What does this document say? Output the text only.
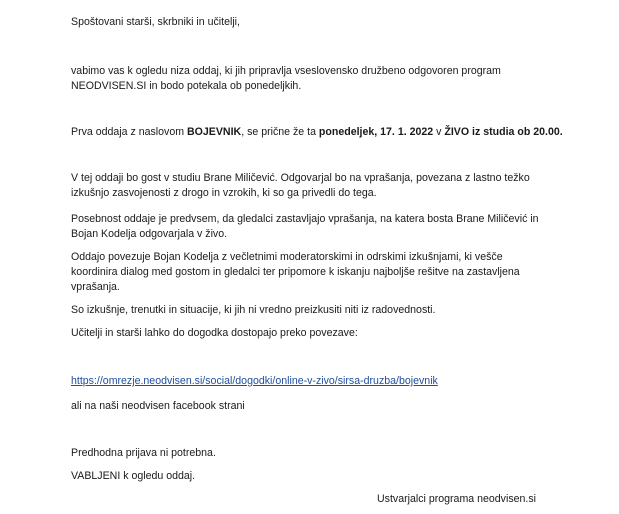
Spoštovani starši, skrbniki in učitelji,
vabimo vas k ogledu niza oddaj, ki jih pripravlja vseslovensko družbeno odgovoren program
NEODVISEN.SI in bodo potekala ob ponedeljkih.
Prva oddaja z naslovom BOJEVNIK, se prične že ta ponedeljek, 17. 1. 2022 v ŽIVO iz studia ob 20.00.
V tej oddaji bo gost v studiu Brane Miličević. Odgovarjal bo na vprašanja, povezana z lastno težko
izkušnjo zasvojenosti z drogo in vzrokih, ki so ga privedli do tega.
Posebnost oddaje je predvsem, da gledalci zastavljajo vprašanja, na katera bosta Brane Miličević in
Bojan Kodelja odgovarjala v živo.
Oddajo povezuje Bojan Kodelja z večletnimi moderatorskimi in odrskimi izkušnjami, ki vešče
koordinira dialog med gostom in gledalci ter pripomore k iskanju najboljše rešitve na zastavljena
vprašanja.
So izkušnje, trenutki in situacije, ki jih ni vredno preizkusiti niti iz radovednosti.
Učitelji in starši lahko do dogodka dostopajo preko povezave:
https://omrezje.neodvisen.si/social/dogodki/online-v-zivo/sirsa-druzba/bojevnik
ali na naši neodvisen facebook strani
Predhodna prijava ni potrebna.
VABLJENI k ogledu oddaj.
Ustvarjalci programa neodvisen.si
